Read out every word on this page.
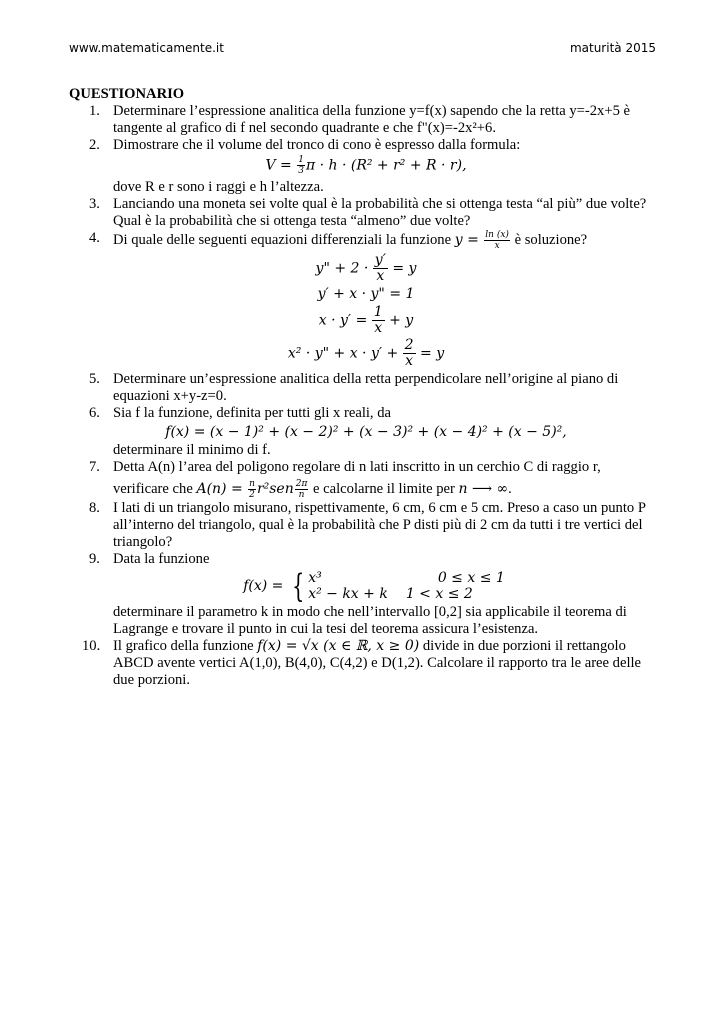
www.matematicamente.it	maturità 2015
QUESTIONARIO
1. Determinare l’espressione analitica della funzione y=f(x) sapendo che la retta y=-2x+5 è tangente al grafico di f nel secondo quadrante e che f"(x)=-2x²+6.
2. Dimostrare che il volume del tronco di cono è espresso dalla formula:
$V = \frac{1}{3}$ π · h · (R² + r² + R · r),
dove R e r sono i raggi e h l’altezza.
3. Lanciando una moneta sei volte qual è la probabilità che si ottenga testa “al più” due volte? Qual è la probabilità che si ottenga testa “almeno” due volte?
4. Di quale delle seguenti equazioni differenziali la funzione $y = \frac{\ln (x)}{x}$ è soluzione?
y" + $2 \cdot \frac{y'}{x} = y$
y′ + x · y" = 1
$x \cdot y' = \frac{1}{x} + y$
x² · y" + $x \cdot y' + \frac{2}{x} = y$
5. Determinare un’espressione analitica della retta perpendicolare nell’origine al piano di equazioni x+y-z=0.
6. Sia f la funzione, definita per tutti gli x reali, da
f(x) = (x − 1)² + (x − 2)² + (x − 3)² + (x − 4)² + (x − 5)²,
determinare il minimo di f.
7. Detta A(n) l’area del poligono regolare di n lati inscritto in un cerchio C di raggio r,
verificare che $A(n) = \frac{n}{2} r^2sen \frac{2\pi}{n}$ e calcolarne il limite per n ⟶ ∞.
8. I lati di un triangolo misurano, rispettivamente, 6 cm, 6 cm e 5 cm. Preso a caso un punto P all’interno del triangolo, qual è la probabilità che P disti più di 2 cm da tutti i tre vertici del triangolo?
9. Data la funzione
f(x) = { x³	0 ≤ x ≤ 1
x² − kx + k	1 < x ≤ 2
determinare il parametro k in modo che nell’intervallo [0,2] sia applicabile il teorema di Lagrange e trovare il punto in cui la tesi del teorema assicura l’esistenza.
10. Il grafico della funzione f(x) = √x (x ∈ ℝ, x ≥ 0) divide in due porzioni il rettangolo ABCD avente vertici A(1,0), B(4,0), C(4,2) e D(1,2). Calcolare il rapporto tra le aree delle due porzioni.
